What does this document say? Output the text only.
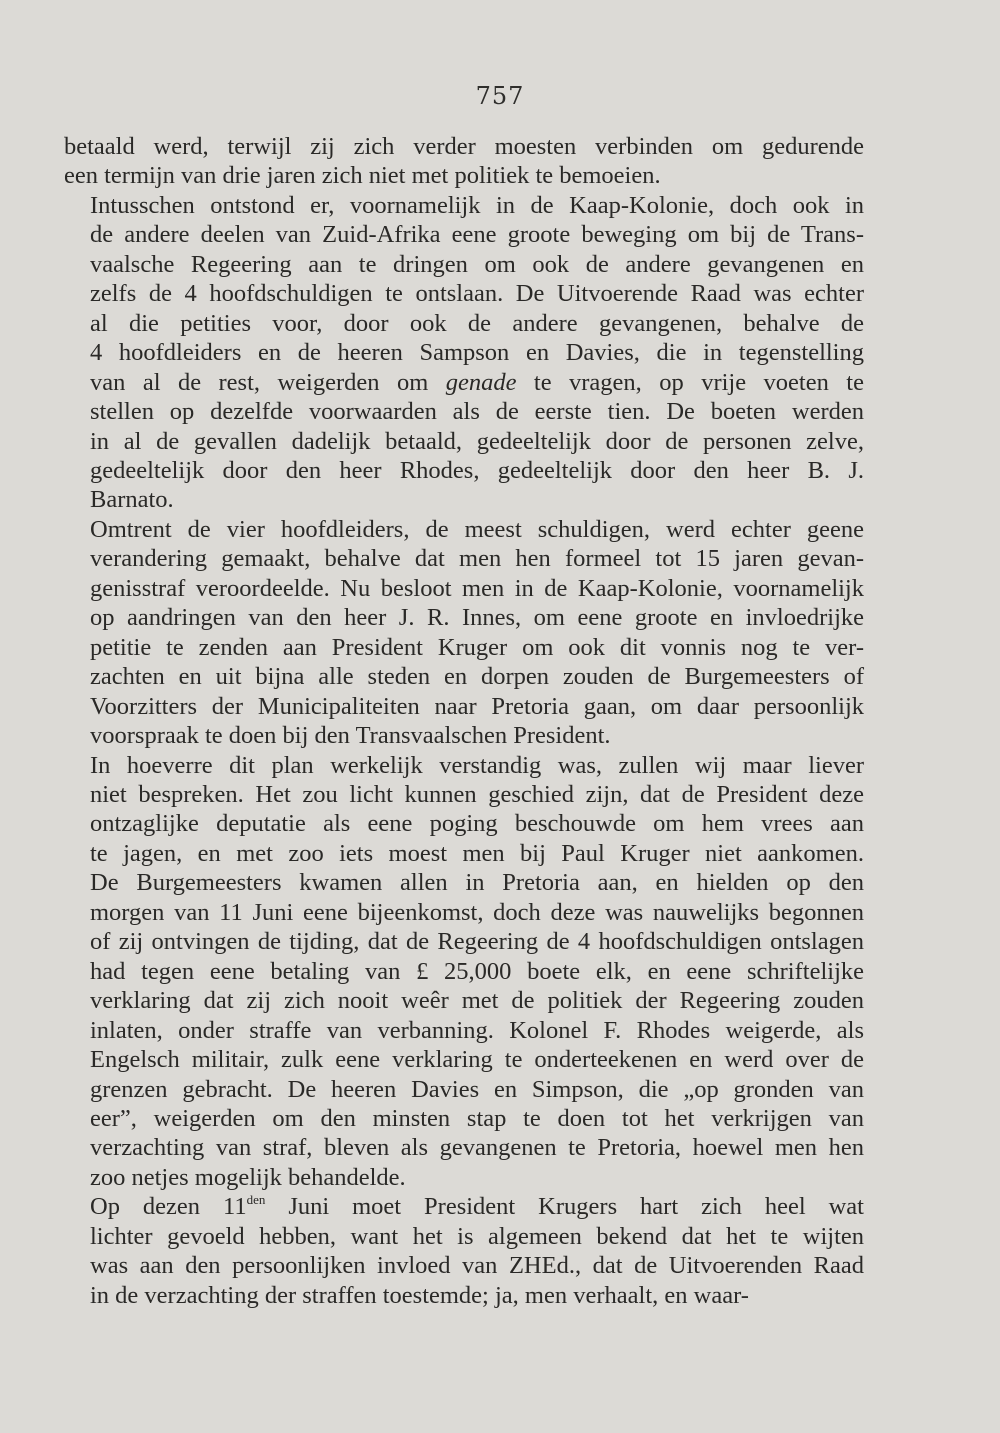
757
betaald werd, terwijl zij zich verder moesten verbinden om gedurende
een termijn van drie jaren zich niet met politiek te bemoeien.
Intusschen ontstond er, voornamelijk in de Kaap-Kolonie, doch ook in
de andere deelen van Zuid-Afrika eene groote beweging om bij de Trans-
vaalsche Regeering aan te dringen om ook de andere gevangenen en
zelfs de 4 hoofdschuldigen te ontslaan. De Uitvoerende Raad was echter
al die petities voor, door ook de andere gevangenen, behalve de
4 hoofdleiders en de heeren Sampson en Davies, die in tegenstelling
van al de rest, weigerden om genade te vragen, op vrije voeten te
stellen op dezelfde voorwaarden als de eerste tien. De boeten werden
in al de gevallen dadelijk betaald, gedeeltelijk door de personen zelve,
gedeeltelijk door den heer Rhodes, gedeeltelijk door den heer B. J.
Barnato.
Omtrent de vier hoofdleiders, de meest schuldigen, werd echter geene
verandering gemaakt, behalve dat men hen formeel tot 15 jaren gevan-
genisstraf veroordeelde. Nu besloot men in de Kaap-Kolonie, voornamelijk
op aandringen van den heer J. R. Innes, om eene groote en invloedrijke
petitie te zenden aan President Kruger om ook dit vonnis nog te ver-
zachten en uit bijna alle steden en dorpen zouden de Burgemeesters of
Voorzitters der Municipaliteiten naar Pretoria gaan, om daar persoonlijk
voorspraak te doen bij den Transvaalschen President.
In hoeverre dit plan werkelijk verstandig was, zullen wij maar liever
niet bespreken. Het zou licht kunnen geschied zijn, dat de President deze
ontzaglijke deputatie als eene poging beschouwde om hem vrees aan
te jagen, en met zoo iets moest men bij Paul Kruger niet aankomen.
De Burgemeesters kwamen allen in Pretoria aan, en hielden op den
morgen van 11 Juni eene bijeenkomst, doch deze was nauwelijks begonnen
of zij ontvingen de tijding, dat de Regeering de 4 hoofdschuldigen ontslagen
had tegen eene betaling van £ 25,000 boete elk, en eene schriftelijke
verklaring dat zij zich nooit weêr met de politiek der Regeering zouden
inlaten, onder straffe van verbanning. Kolonel F. Rhodes weigerde, als
Engelsch militair, zulk eene verklaring te onderteekenen en werd over de
grenzen gebracht. De heeren Davies en Simpson, die „op gronden van
eer”, weigerden om den minsten stap te doen tot het verkrijgen van
verzachting van straf, bleven als gevangenen te Pretoria, hoewel men hen
zoo netjes mogelijk behandelde.
Op dezen $11^{den}$ Juni moet President Krugers hart zich heel wat
lichter gevoeld hebben, want het is algemeen bekend dat het te wijten
was aan den persoonlijken invloed van ZHEd., dat de Uitvoerenden Raad
in de verzachting der straffen toestemde; ja, men verhaalt, en waar-
